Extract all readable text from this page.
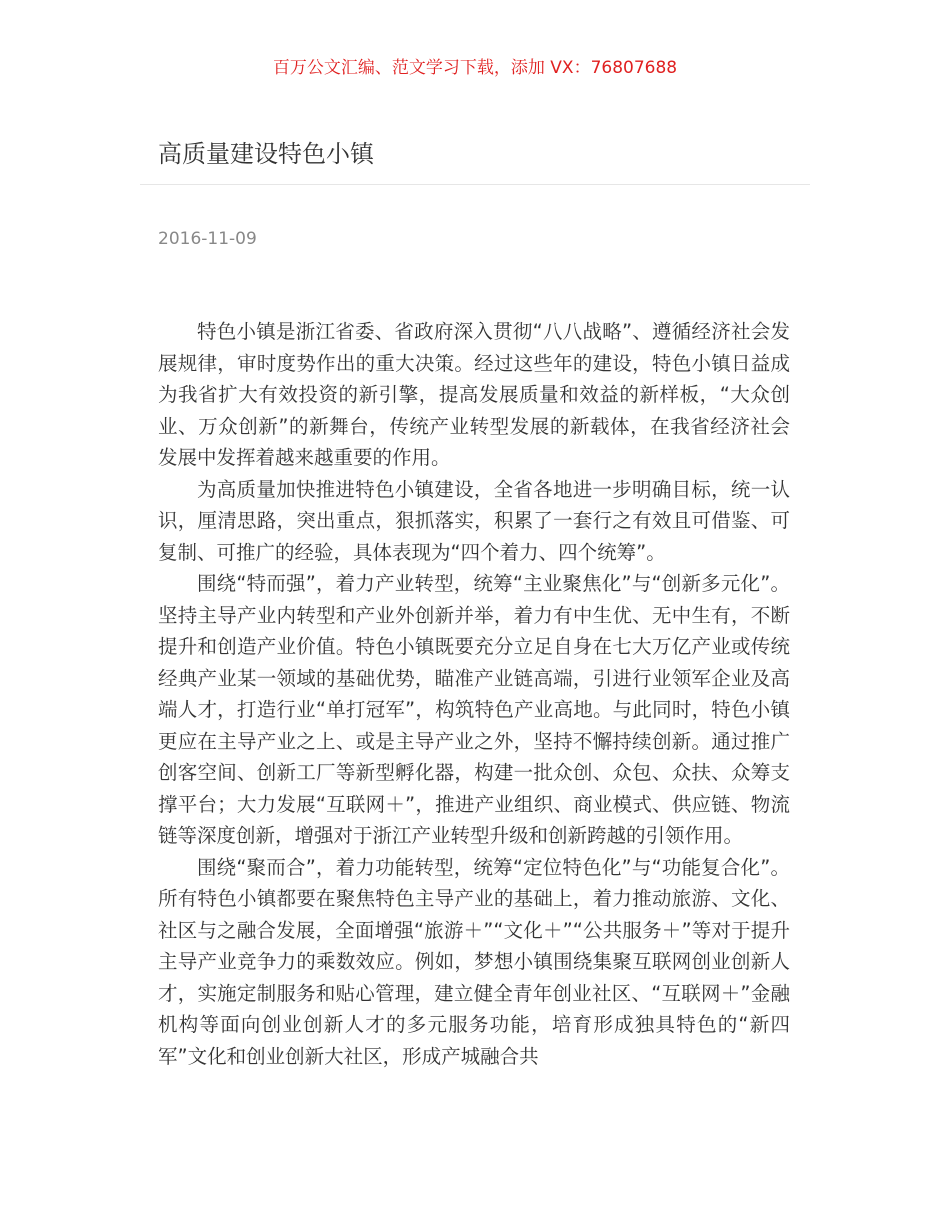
百万公文汇编、范文学习下载，添加 VX：76807688
高质量建设特色小镇
2016-11-09

特色小镇是浙江省委、省政府深入贯彻“八八战略”、遵循经济社会发展规律，审时度势作出的重大决策。经过这些年的建设，特色小镇日益成为我省扩大有效投资的新引擎，提高发展质量和效益的新样板，“大众创业、万众创新”的新舞台，传统产业转型发展的新载体，在我省经济社会发展中发挥着越来越重要的作用。

为高质量加快推进特色小镇建设，全省各地进一步明确目标，统一认识，厘清思路，突出重点，狠抓落实，积累了一套行之有效且可借鉴、可复制、可推广的经验，具体表现为“四个着力、四个统筹”。

围绕“特而强”，着力产业转型，统筹“主业聚焦化”与“创新多元化”。坚持主导产业内转型和产业外创新并举，着力有中生优、无中生有，不断提升和创造产业价值。特色小镇既要充分立足自身在七大万亿产业或传统经典产业某一领域的基础优势，瞄准产业链高端，引进行业领军企业及高端人才，打造行业“单打冠军”，构筑特色产业高地。与此同时，特色小镇更应在主导产业之上、或是主导产业之外，坚持不懈持续创新。通过推广创客空间、创新工厂等新型孵化器，构建一批众创、众包、众扶、众筹支撑平台；大力发展“互联网＋”，推进产业组织、商业模式、供应链、物流链等深度创新，增强对于浙江产业转型升级和创新跨越的引领作用。

围绕“聚而合”，着力功能转型，统筹“定位特色化”与“功能复合化”。所有特色小镇都要在聚焦特色主导产业的基础上，着力推动旅游、文化、社区与之融合发展，全面增强“旅游＋”“文化＋”“公共服务＋”等对于提升主导产业竞争力的乘数效应。例如，梦想小镇围绕集聚互联网创业创新人才，实施定制服务和贴心管理，建立健全青年创业社区、“互联网＋”金融机构等面向创业创新人才的多元服务功能，培育形成独具特色的“新四军”文化和创业创新大社区，形成产城融合共
